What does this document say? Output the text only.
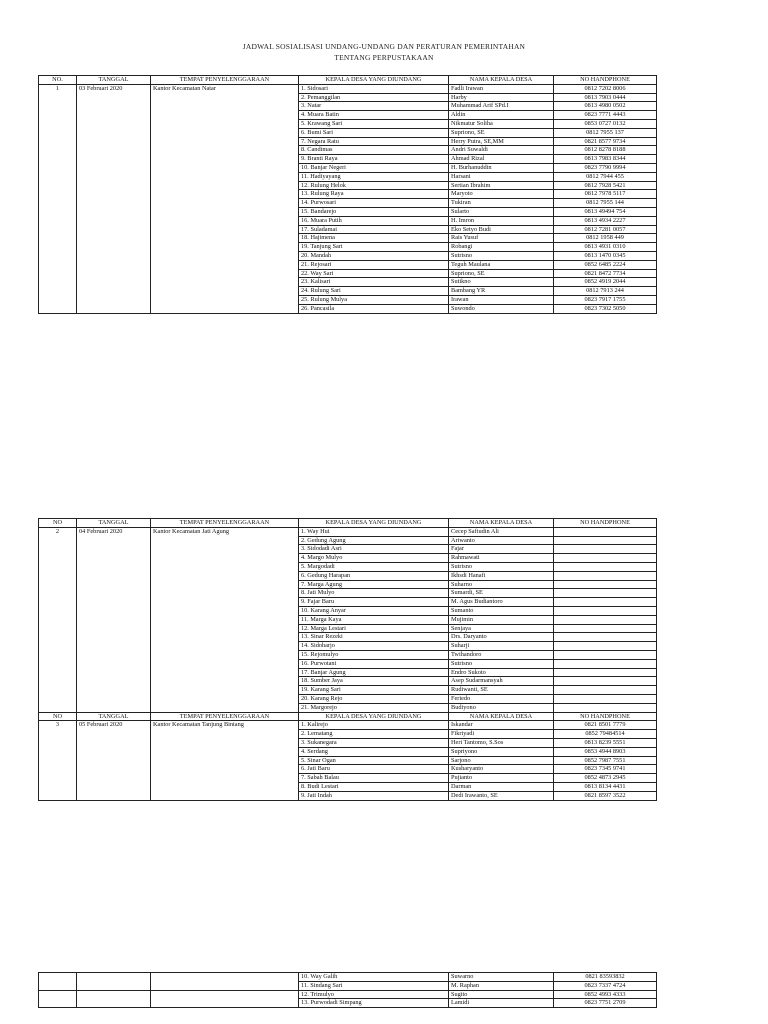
JADWAL SOSIALISASI UNDANG-UNDANG DAN PERATURAN PEMERINTAHAN
TENTANG PERPUSTAKAAN
NO.	TANGGAL	TEMPAT PENYELENGGARAAN	KEPALA DESA YANG DIUNDANG	NAMA KEPALA DESA	NO HANDPHONE
1	03 Februari 2020	Kantor Kecamatan Natar	1. Sidosari	Fadli Irawan	0812 7202 8006
			2. Pemanggilan	Harby	0813 7903 0444
			3. Natar	Muhammad Arif SPd.I	0813 4980 0502
			4. Muara Batin	Aldin	0823 7771 4443
			5. Krawang Sari	Nikmatur Soliha	0853 0727 0132
			6. Bumi Sari	Supriono, SE	0812 7955 137
			7. Negara Ratu	Herry Putra, SE,MM	0821 8577 9734
			8. Candimas	Andri Suwaldi	0812 8278 8188
			9. Branti Raya	Ahmad Rizal	0813 7983 8344
			10. Banjar Negeri	H. Burhanuddin	0823 7790 9994
			11. Hadiyayang	Harsani	0812 7944 455
			12. Rulung Helok	Sertian Ibrahim	0812 7928 5421
			13. Rulung Raya	Maryoto	0812 7978 5117
			14. Purwosari	Tukiran	0812 7955 144
			15. Bandarejo	Sularto	0813 49494 754
			16. Muara Putih	H. Imron	0813 4934 2227
			17. Suladamai	Eko Setyo Budi	0812 7281 0057
			18. Hajimena	Rais Yusuf	0812 1958 449
			19. Tanjung Sari	Robangi	0813 4931 0310
			20. Mandah	Sutrisno	0813 1470 0345
			21. Rejosari	Teguh Maulana	0852 6485 2224
			22. Way Sari	Supriono, SE	0821 8472 7734
			23. Kalisari	Sutikno	0852 4919 2044
			24. Rulung Sari	Bambang YR	0812 7913 244
			25. Rulung Mulya	Irawan	0823 7917 1755
			26. Pancasila	Suwondo	0823 7302 5050
NO	TANGGAL	TEMPAT PENYELENGGARAAN	KEPALA DESA YANG DIUNDANG	NAMA KEPALA DESA	NO HANDPHONE
2	04 Februari 2020	Kantor Kecamatan Jati Agung	1. Way Hui	Cecep Safiudin Ali	
			2. Gedung Agung	Ariwanto	
			3. Sidodadi Asri	Fajar	
			4. Margo Mulyo	Rahmawati	
			5. Margodadi	Sutrisno	
			6. Gedung Harapan	Ikhsdi Hanafi	
			7. Marga Agung	Suharno	
			8. Jati Mulyo	Sumardi, SE	
			9. Fajar Baru	M. Agus Budiantoro	
			10. Karang Anyar	Sumanto	
			11. Marga Kaya	Mujimin	
			12. Marga Lestari	Senjaya	
			13. Sinar Rezeki	Drs. Daryanto	
			14. Sidoharjo	Suharji	
			15. Rejomulyo	Twihandoro	
			16. Purwotani	Sutrisno	
			17. Banjar Agung	Endro Sukoto	
			18. Sumber Jaya	Asep Sudarmansyah	
			19. Karang Sari	Rudiwanti, SE	
			20. Karang Rejo	Feriedo	
			21. Margorejo	Budiyono	
NO	TANGGAL	TEMPAT PENYELENGGARAAN	KEPALA DESA YANG DIUNDANG	NAMA KEPALA DESA	NO HANDPHONE
3	05 Februari 2020	Kantor Kecamatan Tanjung Bintang	1. Kalirejo	Iskandar	0821 8501 7779
			2. Lematang	Fikriyadi	0852 79484514
			3. Sukanegara	Heri Tantomo, S.Sos	0813 8239 5551
			4. Serdang	Supriyono	0853 4944 8903
			5. Sinar Ogan	Sarjono	0852 7987 7551
			6. Jati Baru	Kusharyanto	0823 7345 9741
			7. Sabah Balau	Pujianto	0852 4873 2945
			8. Budi Lestari	Darman	0813 8134 4431
			9. Jati Indah	Dedi Irawanto, SE	0821 8597 3522
			10. Way Galih	Suwarno	0821 83593832
			11. Sindang Sari	M. Raphan	0823 7337 4724
			12. Trimulyo	Sugito	0852 4993 4333
			13. Purwodadi Simpang	Lamidi	0823 7751 2709
